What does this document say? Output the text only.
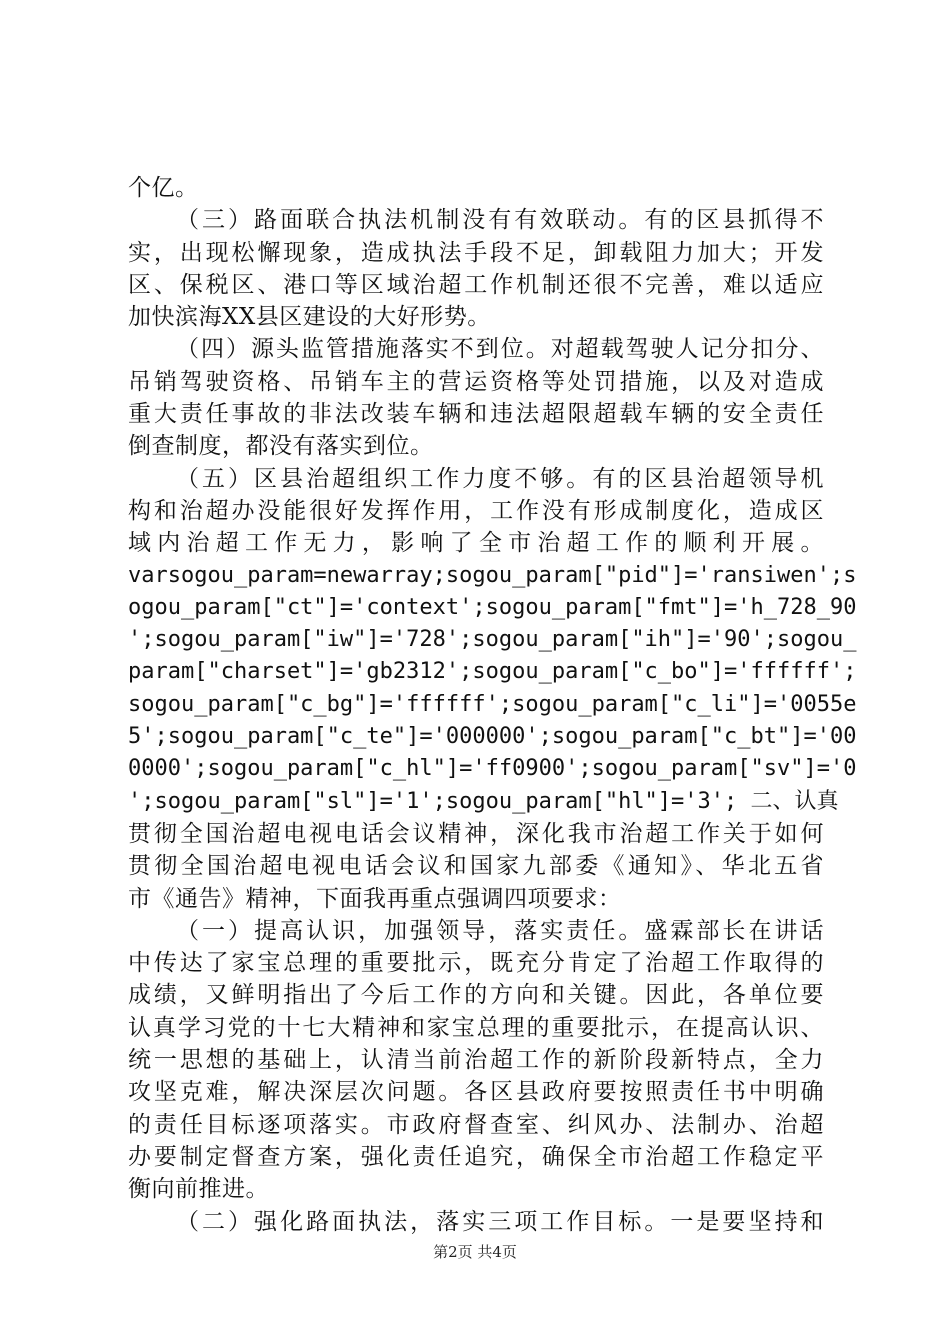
个亿。
（三）路面联合执法机制没有有效联动。有的区县抓得不
实，出现松懈现象，造成执法手段不足，卸载阻力加大；开发
区、保税区、港口等区域治超工作机制还很不完善，难以适应
加快滨海XX县区建设的大好形势。
（四）源头监管措施落实不到位。对超载驾驶人记分扣分、
吊销驾驶资格、吊销车主的营运资格等处罚措施，以及对造成
重大责任事故的非法改装车辆和违法超限超载车辆的安全责任
倒查制度，都没有落实到位。
（五）区县治超组织工作力度不够。有的区县治超领导机
构和治超办没能很好发挥作用，工作没有形成制度化，造成区
域内治超工作无力，影响了全市治超工作的顺利开展。
varsogou_param=newarray;sogou_param["pid"]='ransiwen';s
ogou_param["ct"]='context';sogou_param["fmt"]='h_728_90
';sogou_param["iw"]='728';sogou_param["ih"]='90';sogou_
param["charset"]='gb2312';sogou_param["c_bo"]='ffffff';
sogou_param["c_bg"]='ffffff';sogou_param["c_li"]='0055e
5';sogou_param["c_te"]='000000';sogou_param["c_bt"]='00
0000';sogou_param["c_hl"]='ff0900';sogou_param["sv"]='0
';sogou_param["sl"]='1';sogou_param["hl"]='3'; 二、认真
贯彻全国治超电视电话会议精神，深化我市治超工作关于如何
贯彻全国治超电视电话会议和国家九部委《通知》、华北五省
市《通告》精神，下面我再重点强调四项要求：
（一）提高认识，加强领导，落实责任。盛霖部长在讲话
中传达了家宝总理的重要批示，既充分肯定了治超工作取得的
成绩，又鲜明指出了今后工作的方向和关键。因此，各单位要
认真学习党的十七大精神和家宝总理的重要批示，在提高认识、
统一思想的基础上，认清当前治超工作的新阶段新特点，全力
攻坚克难，解决深层次问题。各区县政府要按照责任书中明确
的责任目标逐项落实。市政府督查室、纠风办、法制办、治超
办要制定督查方案，强化责任追究，确保全市治超工作稳定平
衡向前推进。
（二）强化路面执法，落实三项工作目标。一是要坚持和
第2页 共4页
